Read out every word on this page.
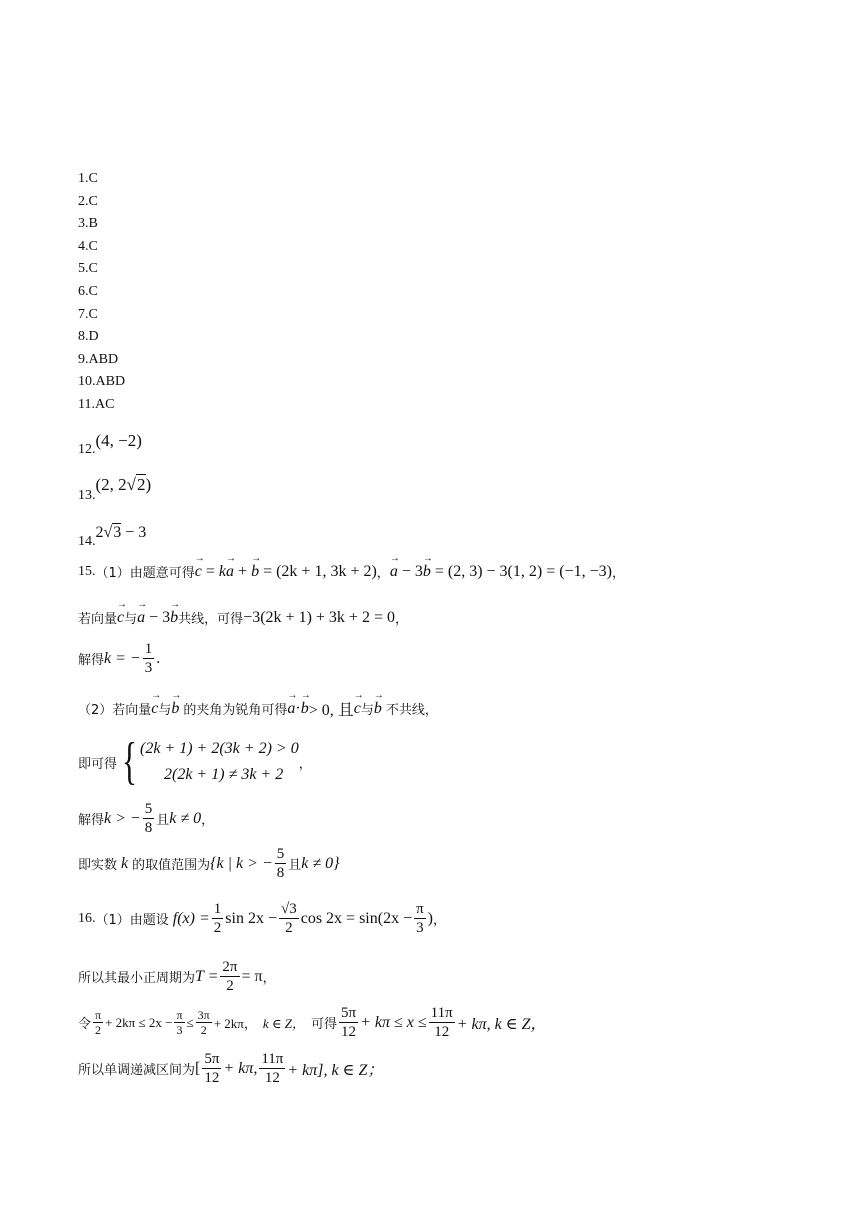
1.C
2.C
3.B
4.C
5.C
6.C
7.C
8.D
9.ABD
10.ABD
11.AC
12. (4, −2)
13.
(2, 2√2)
14.
2√3 − 3
15. （1）由题意可得 → c = k→ a + → b = (2k + 1, 3k + 2) ， → a − 3→ b = (2, 3) − 3(1, 2) = (−1, −3) ，
若向量 → c 与 → a − 3→ b 共线，可得 −3(2k + 1) + 3k + 2 = 0 ，
解得 k = − $\frac{1}{3}$ .
（2）若向量 → c 与 → b 的夹角为锐角可得 → a·→ b > 0, 且 → c 与 → b 不共线，
即可得 { (2k + 1) + 2(3k + 2) > 0
2(2k + 1) ≠ 3k + 2
，
解得 k > − $\frac{5}{8}$ 且 k ≠ 0 ，
即实数 k 的取值范围为 {k | k > − $\frac{5}{8}$ 且 k ≠ 0}
16. （1）由题设 $f(x) = \frac{1}{2}$ $\sin 2x - \frac{√3}{2}$ $\cos 2x = \sin(2x - \frac{\pi}{3}$ ) ，
所以其最小正周期为 $T = \frac{2\pi}{2} = \pi$ ，
令 $\frac{\pi}{2} + 2k\pi \le 2x - \frac{\pi}{3} \le \frac{3\pi}{2} + 2k\pi$， k ∈ Z， 可得 $\frac{5\pi}{12} + k\pi \le x \le \frac{11\pi}{12} + k\pi$, k ∈ Z，
所以单调递减区间为 [ $\frac{5\pi}{12} + k\pi$, $\frac{11\pi}{12} + k\pi$], k ∈ Z；
